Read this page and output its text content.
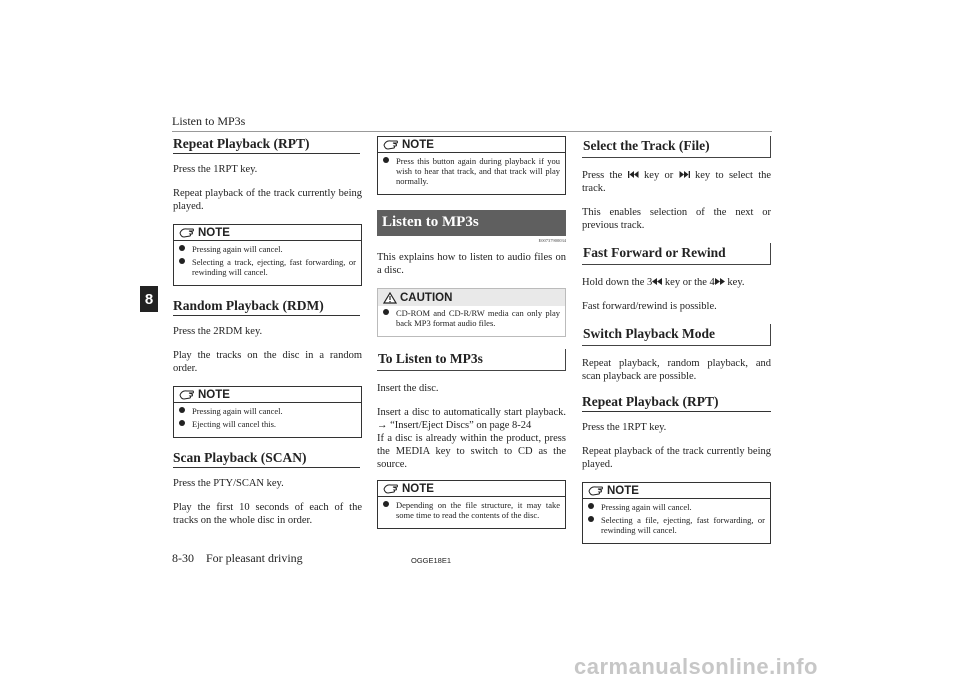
Listen to MP3s
8
Repeat Playback (RPT)

Press the 1RPT key.

Repeat playback of the track currently being played.

NOTE
Pressing again will cancel.
Selecting a track, ejecting, fast forwarding, or rewinding will cancel.
Random Playback (RDM)

Press the 2RDM key.

Play the tracks on the disc in a random order.

NOTE
Pressing again will cancel.
Ejecting will cancel this.
Scan Playback (SCAN)

Press the PTY/SCAN key.

Play the first 10 seconds of each of the tracks on the whole disc in order.

NOTE
Press this button again during playback if you wish to hear that track, and that track will play normally.
Listen to MP3s
E00737900034

This explains how to listen to audio files on a disc.

CAUTION
CD-ROM and CD-R/RW media can only play back MP3 format audio files.
To Listen to MP3s

Insert the disc.

Insert a disc to automatically start playback. → “Insert/Eject Discs” on page 8-24

If a disc is already within the product, press the MEDIA key to switch to CD as the source.

NOTE
Depending on the file structure, it may take some time to read the contents of the disc.
Select the Track (File)

Press the key or key to select the track.

This enables selection of the next or previous track.

Fast Forward or Rewind

Hold down the 3 key or the 4 key.

Fast forward/rewind is possible.

Switch Playback Mode

Repeat playback, random playback, and scan playback are possible.

Repeat Playback (RPT)

Press the 1RPT key.

Repeat playback of the track currently being played.

NOTE
Pressing again will cancel.
Selecting a file, ejecting, fast forwarding, or rewinding will cancel.
8-30 For pleasant driving	OGGE18E1
carmanualsonline.info
